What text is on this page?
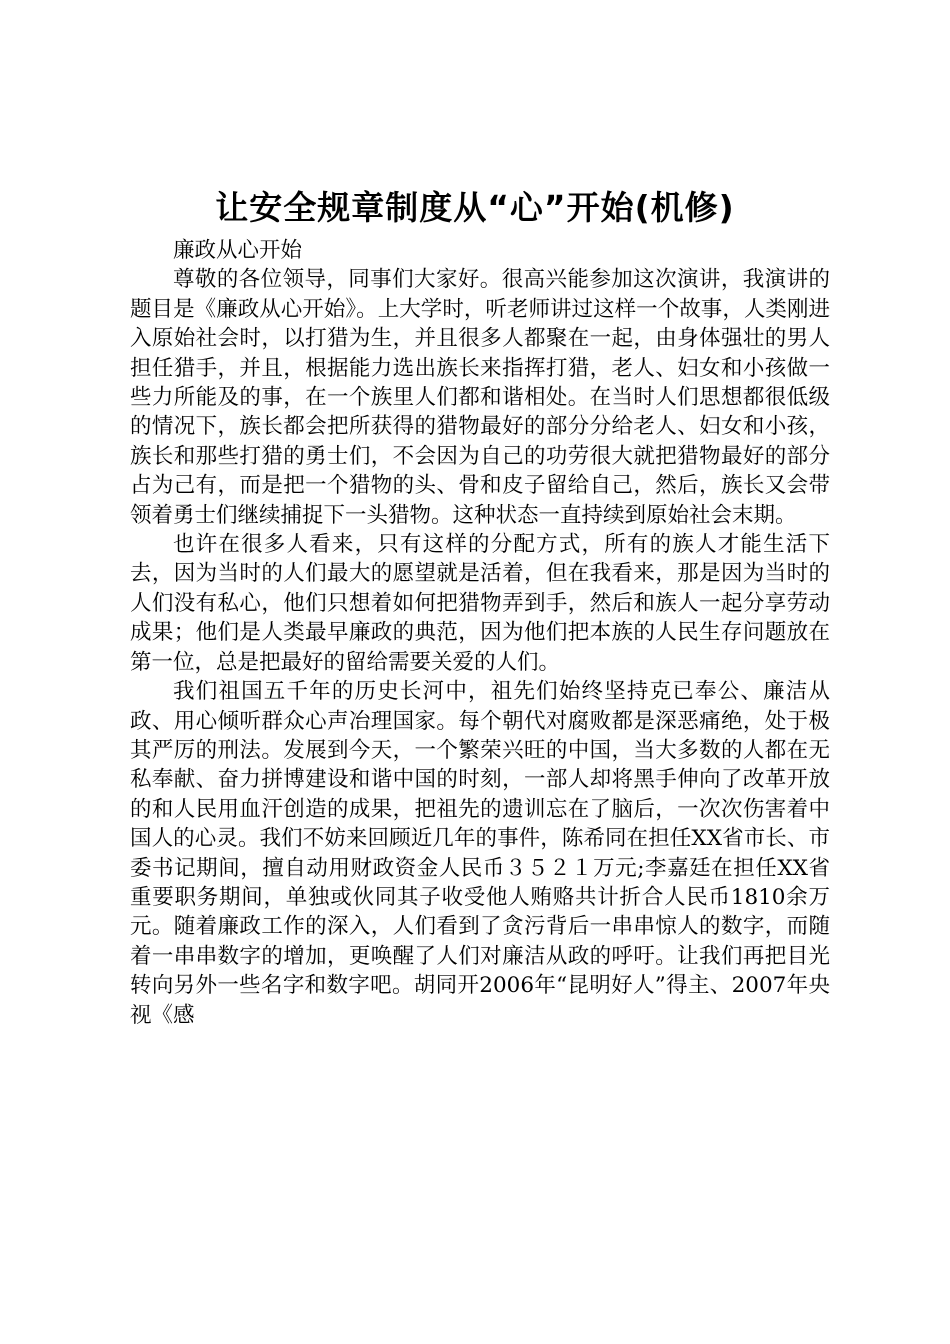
让安全规章制度从“心”开始(机修)

廉政从心开始

尊敬的各位领导，同事们大家好。很高兴能参加这次演讲，我演讲的题目是《廉政从心开始》。上大学时，听老师讲过这样一个故事，人类刚进入原始社会时，以打猎为生，并且很多人都聚在一起，由身体强壮的男人担任猎手，并且，根据能力选出族长来指挥打猎，老人、妇女和小孩做一些力所能及的事，在一个族里人们都和谐相处。在当时人们思想都很低级的情况下，族长都会把所获得的猎物最好的部分分给老人、妇女和小孩，族长和那些打猎的勇士们，不会因为自己的功劳很大就把猎物最好的部分占为己有，而是把一个猎物的头、骨和皮子留给自己，然后，族长又会带领着勇士们继续捕捉下一头猎物。这种状态一直持续到原始社会末期。

也许在很多人看来，只有这样的分配方式，所有的族人才能生活下去，因为当时的人们最大的愿望就是活着，但在我看来，那是因为当时的人们没有私心，他们只想着如何把猎物弄到手，然后和族人一起分享劳动成果；他们是人类最早廉政的典范，因为他们把本族的人民生存问题放在第一位，总是把最好的留给需要关爱的人们。

我们祖国五千年的历史长河中，祖先们始终坚持克已奉公、廉洁从政、用心倾听群众心声冶理国家。每个朝代对腐败都是深恶痛绝，处于极其严厉的刑法。发展到今天，一个繁荣兴旺的中国，当大多数的人都在无私奉献、奋力拼博建设和谐中国的时刻，一部人却将黑手伸向了改革开放的和人民用血汗创造的成果，把祖先的遗训忘在了脑后，一次次伤害着中国人的心灵。我们不妨来回顾近几年的事件，陈希同在担任XX省市长、市委书记期间，擅自动用财政资金人民币３５２１万元;李嘉廷在担任XX省重要职务期间，单独或伙同其子收受他人贿赂共计折合人民币1810余万元。随着廉政工作的深入，人们看到了贪污背后一串串惊人的数字，而随着一串串数字的增加，更唤醒了人们对廉洁从政的呼吁。让我们再把目光转向另外一些名字和数字吧。胡同开2006年“昆明好人”得主、2007年央视《感
